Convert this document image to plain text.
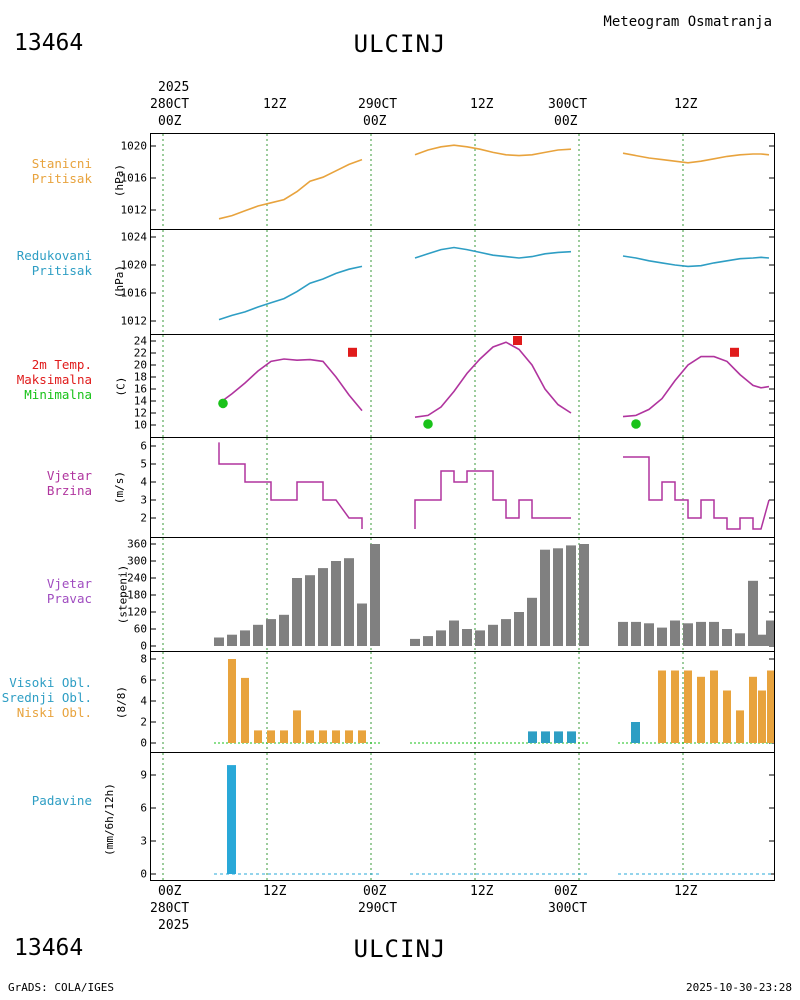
13464	ULCINJ
Meteogram Osmatranja
2025
280CT	290CT	300CT
00Z
12Z
00Z
12Z
00Z
12Z
Stanicni
Pritisak
Redukovani
Pritisak
2m Temp.
Maksimalna
Minimalna
Vjetar
Brzina
Vjetar
Pravac
Visoki Obl.
Srednji Obl.
Niski Obl.
Padavine
(hPa)
1020
1016
1012
(hPa)
1024
1020
1016
1012
(C)
24
22
20
18
16
14
12
10
(m/s)
6
5
4
3
2
(stepeni)
360
300
240
180
120
60
0
(8/8)
8
6
4
2
0
(mm/6h/12h)
9
6
3
0
00Z	12Z	00Z	12Z	00Z	12Z
280CT	290CT	300CT
2025
13464	ULCINJ
GrADS: COLA/IGES	2025-10-30-23:28
